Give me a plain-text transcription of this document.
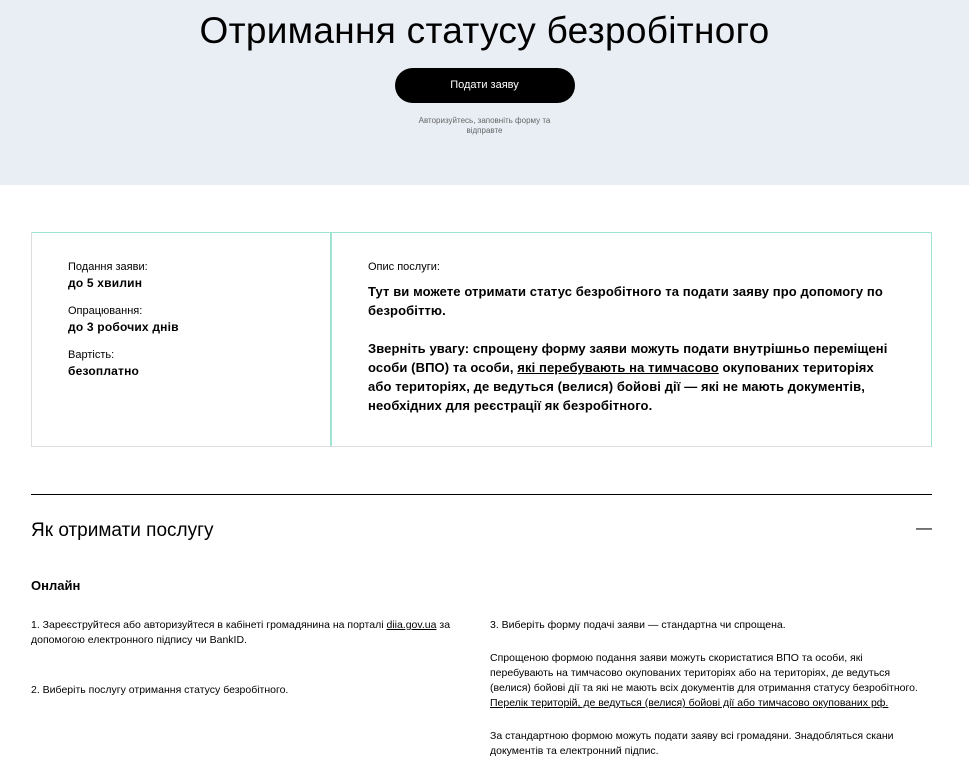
Отримання статусу безробітного
Подати заяву
Авторизуйтесь, заповніть форму та відправте
Подання заяви:
до 5 хвилин
Опрацювання:
до 3 робочих днів
Вартість:
безоплатно
Опис послуги:

Тут ви можете отримати статус безробітного та подати заяву про допомогу по безробіттю.

Зверніть увагу: спрощену форму заяви можуть подати внутрішньо переміщені особи (ВПО) та особи, які перебувають на тимчасово окупованих територіях або територіях, де ведуться (велися) бойові дії — які не мають документів, необхідних для реєстрації як безробітного.

Як отримати послугу	—
Онлайн

1. Зареєструйтеся або авторизуйтеся в кабінеті громадянина на порталі diia.gov.ua за допомогою електронного підпису чи BankID.

2. Виберіть послугу отримання статусу безробітного.

3. Виберіть форму подачі заяви — стандартна чи спрощена.

Спрощеною формою подання заяви можуть скористатися ВПО та особи, які перебувають на тимчасово окупованих територіях або на територіях, де ведуться (велися) бойові дії та які не мають всіх документів для отримання статусу безробітного. Перелік територій, де ведуться (велися) бойові дії або тимчасово окупованих рф.

За стандартною формою можуть подати заяву всі громадяни. Знадобляться скани документів та електронний підпис.
